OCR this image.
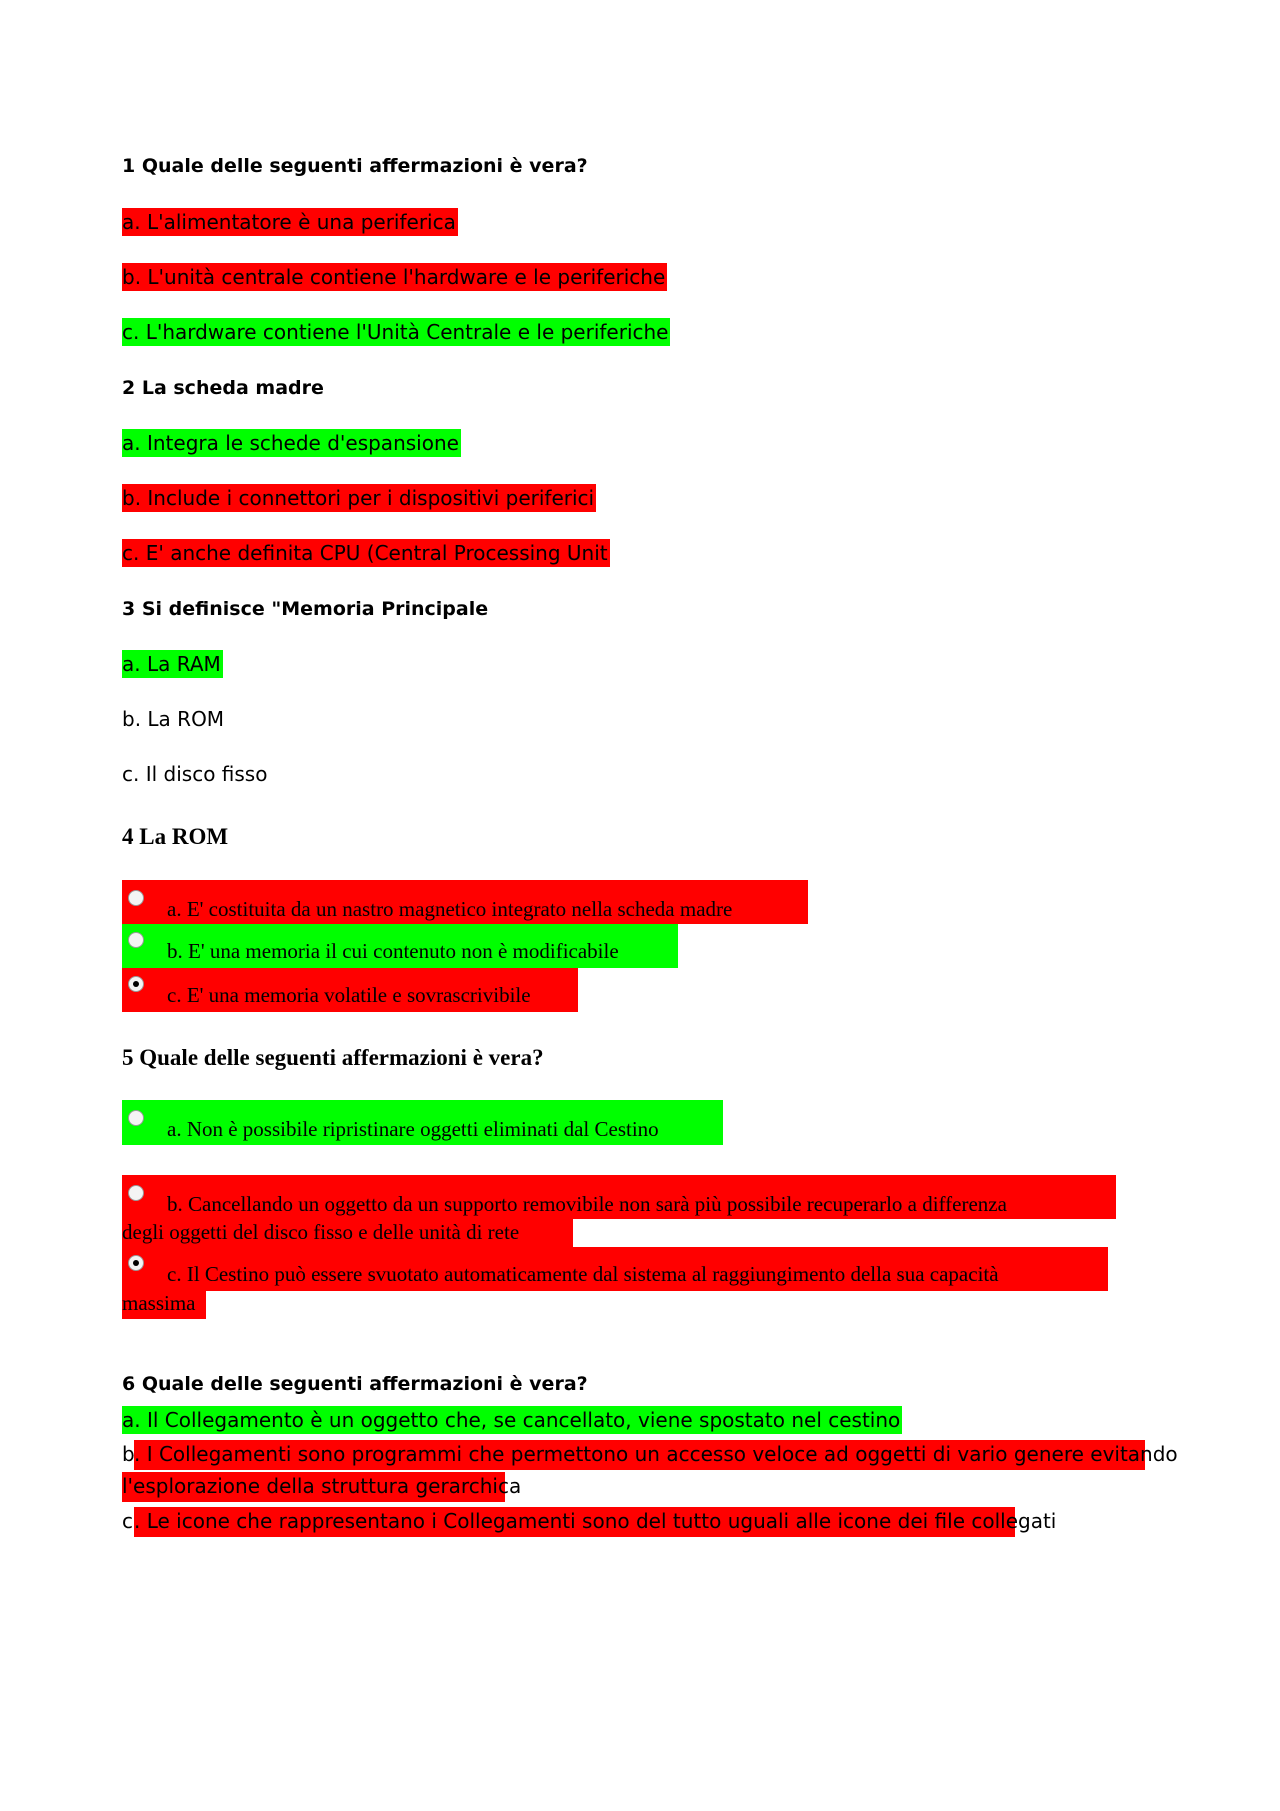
1 Quale delle seguenti affermazioni è vera?
a. L'alimentatore è una periferica
b. L'unità centrale contiene l'hardware e le periferiche
c. L'hardware contiene l'Unità Centrale e le periferiche
2 La scheda madre
a. Integra le schede d'espansione
b. Include i connettori per i dispositivi periferici
c. E' anche definita CPU (Central Processing Unit
3 Si definisce "Memoria Principale
a. La RAM
b. La ROM
c. Il disco fisso
4 La ROM
a. E' costituita da un nastro magnetico integrato nella scheda madre
b. E' una memoria il cui contenuto non è modificabile
c. E' una memoria volatile e sovrascrivibile
5 Quale delle seguenti affermazioni è vera?
a. Non è possibile ripristinare oggetti eliminati dal Cestino
b. Cancellando un oggetto da un supporto removibile non sarà più possibile recuperarlo a differenza
degli oggetti del disco fisso e delle unità di rete
c. Il Cestino può essere svuotato automaticamente dal sistema al raggiungimento della sua capacità
massima
6 Quale delle seguenti affermazioni è vera?
a. Il Collegamento è un oggetto che, se cancellato, viene spostato nel cestino
b . I Collegamenti sono programmi che permettono un accesso veloce ad oggetti di vario genere evitando
l'esplorazione della struttura gerarchica
c . Le icone che rappresentano i Collegamenti sono del tutto uguali alle icone dei file collegati
